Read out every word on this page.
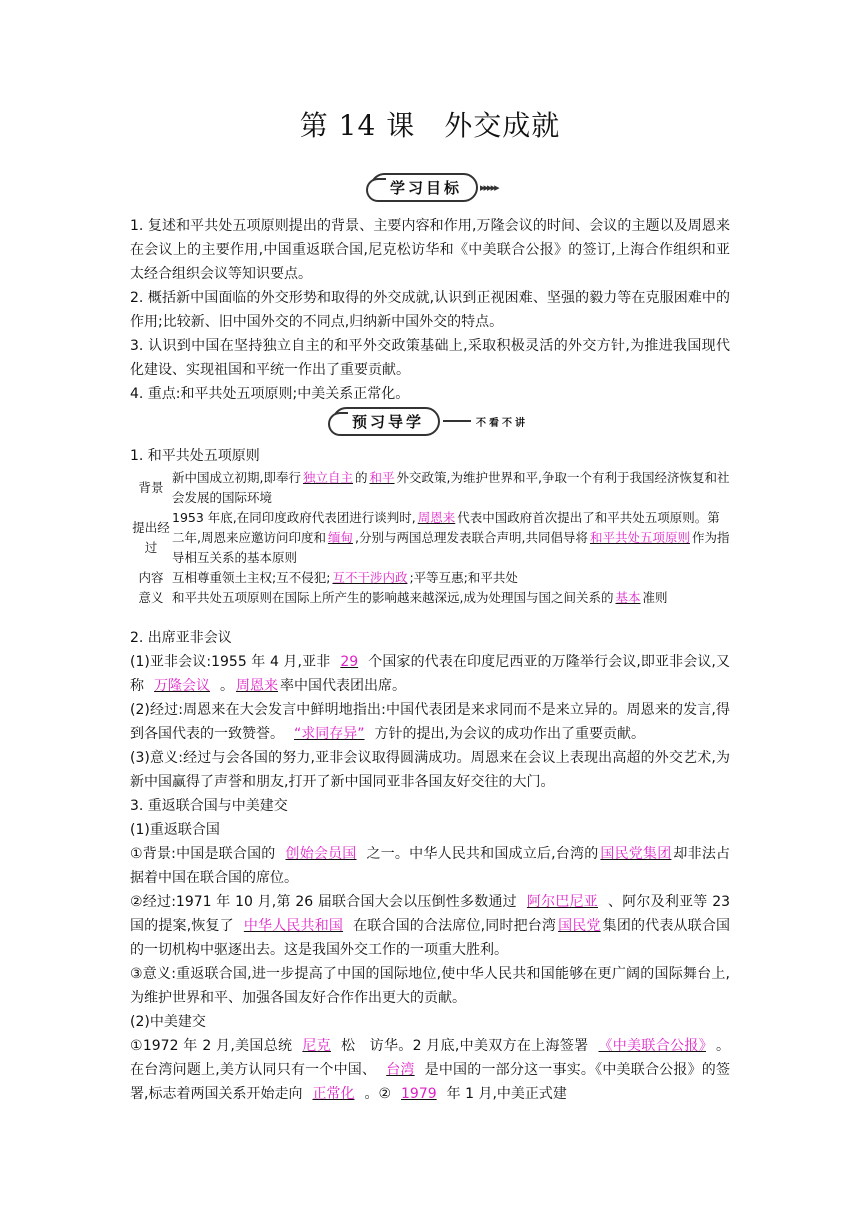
第 14 课　外交成就
学习目标	▸▸▸▸▸

1. 复述和平共处五项原则提出的背景、主要内容和作用,万隆会议的时间、会议的主题以及周恩来在会议上的主要作用,中国重返联合国,尼克松访华和《中美联合公报》的签订,上海合作组织和亚太经合组织会议等知识要点。

2. 概括新中国面临的外交形势和取得的外交成就,认识到正视困难、坚强的毅力等在克服困难中的作用;比较新、旧中国外交的不同点,归纳新中国外交的特点。

3. 认识到中国在坚持独立自主的和平外交政策基础上,采取积极灵活的外交方针,为推进我国现代化建设、实现祖国和平统一作出了重要贡献。

4. 重点:和平共处五项原则;中美关系正常化。

预习导学	不看不讲

1. 和平共处五项原则

背景	新中国成立初期,即奉行 独立自主 的 和平 外交政策,为维护世界和平,争取一个有利于我国经济恢复和社会发展的国际环境
提出经过	1953 年底,在同印度政府代表团进行谈判时, 周恩来 代表中国政府首次提出了和平共处五项原则。第二年,周恩来应邀访问印度和 缅甸 ,分别与两国总理发表联合声明,共同倡导将 和平共处五项原则 作为指导相互关系的基本原则
内容	互相尊重领土主权;互不侵犯; 互不干涉内政 ;平等互惠;和平共处
意义	和平共处五项原则在国际上所产生的影响越来越深远,成为处理国与国之间关系的 基本 准则

2. 出席亚非会议

(1)亚非会议:1955 年 4 月,亚非 29 个国家的代表在印度尼西亚的万隆举行会议,即亚非会议,又称 万隆会议 。 周恩来 率中国代表团出席。

(2)经过:周恩来在大会发言中鲜明地指出:中国代表团是来求同而不是来立异的。周恩来的发言,得到各国代表的一致赞誉。 “求同存异” 方针的提出,为会议的成功作出了重要贡献。

(3)意义:经过与会各国的努力,亚非会议取得圆满成功。周恩来在会议上表现出高超的外交艺术,为新中国赢得了声誉和朋友,打开了新中国同亚非各国友好交往的大门。

3. 重返联合国与中美建交

(1)重返联合国

①背景:中国是联合国的 创始会员国 之一。中华人民共和国成立后,台湾的 国民党集团 却非法占据着中国在联合国的席位。

②经过:1971 年 10 月,第 26 届联合国大会以压倒性多数通过 阿尔巴尼亚 、阿尔及利亚等 23 国的提案,恢复了 中华人民共和国 在联合国的合法席位,同时把台湾 国民党 集团的代表从联合国的一切机构中驱逐出去。这是我国外交工作的一项重大胜利。

③意义:重返联合国,进一步提高了中国的国际地位,使中华人民共和国能够在更广阔的国际舞台上,为维护世界和平、加强各国友好合作作出更大的贡献。

(2)中美建交

①1972 年 2 月,美国总统 尼克 松　访华。2 月底,中美双方在上海签署 《中美联合公报》 。在台湾问题上,美方认同只有一个中国、 台湾 是中国的一部分这一事实。《中美联合公报》的签署,标志着两国关系开始走向 正常化 。② 1979 年 1 月,中美正式建
